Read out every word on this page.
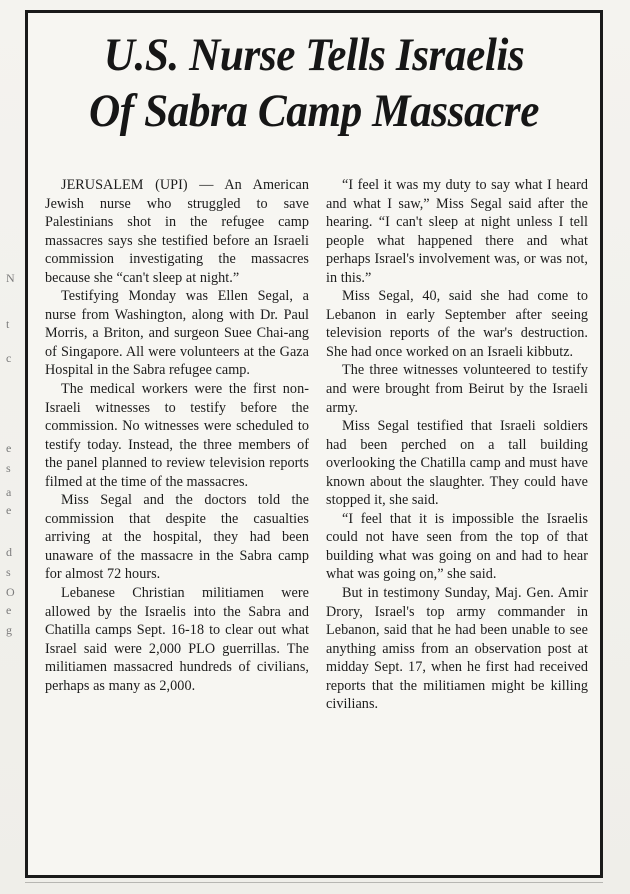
N
t
c
e
s
a
e
d
s
O
e
g
U.S. Nurse Tells Israelis
Of Sabra Camp Massacre

JERUSALEM (UPI) — An American Jewish nurse who struggled to save Palestinians shot in the refugee camp massacres says she testified before an Israeli commission investigating the massacres because she “can't sleep at night.”

Testifying Monday was Ellen Segal, a nurse from Washington, along with Dr. Paul Morris, a Briton, and surgeon Suee Chai-ang of Singapore. All were volunteers at the Gaza Hospital in the Sabra refugee camp.

The medical workers were the first non-Israeli witnesses to testify before the commission. No witnesses were scheduled to testify today. Instead, the three members of the panel planned to review television reports filmed at the time of the massacres.

Miss Segal and the doctors told the commission that despite the casualties arriving at the hospital, they had been unaware of the massacre in the Sabra camp for almost 72 hours.

Lebanese Christian militiamen were allowed by the Israelis into the Sabra and Chatilla camps Sept. 16-18 to clear out what Israel said were 2,000 PLO guerrillas. The militiamen massacred hundreds of civilians, perhaps as many as 2,000.

“I feel it was my duty to say what I heard and what I saw,” Miss Segal said after the hearing. “I can't sleep at night unless I tell people what happened there and what perhaps Israel's involvement was, or was not, in this.”

Miss Segal, 40, said she had come to Lebanon in early September after seeing television reports of the war's destruction. She had once worked on an Israeli kibbutz.

The three witnesses volunteered to testify and were brought from Beirut by the Israeli army.

Miss Segal testified that Israeli soldiers had been perched on a tall building overlooking the Chatilla camp and must have known about the slaughter. They could have stopped it, she said.

“I feel that it is impossible the Israelis could not have seen from the top of that building what was going on and had to hear what was going on,” she said.

But in testimony Sunday, Maj. Gen. Amir Drory, Israel's top army commander in Lebanon, said that he had been unable to see anything amiss from an observation post at midday Sept. 17, when he first had received reports that the militiamen might be killing civilians.
